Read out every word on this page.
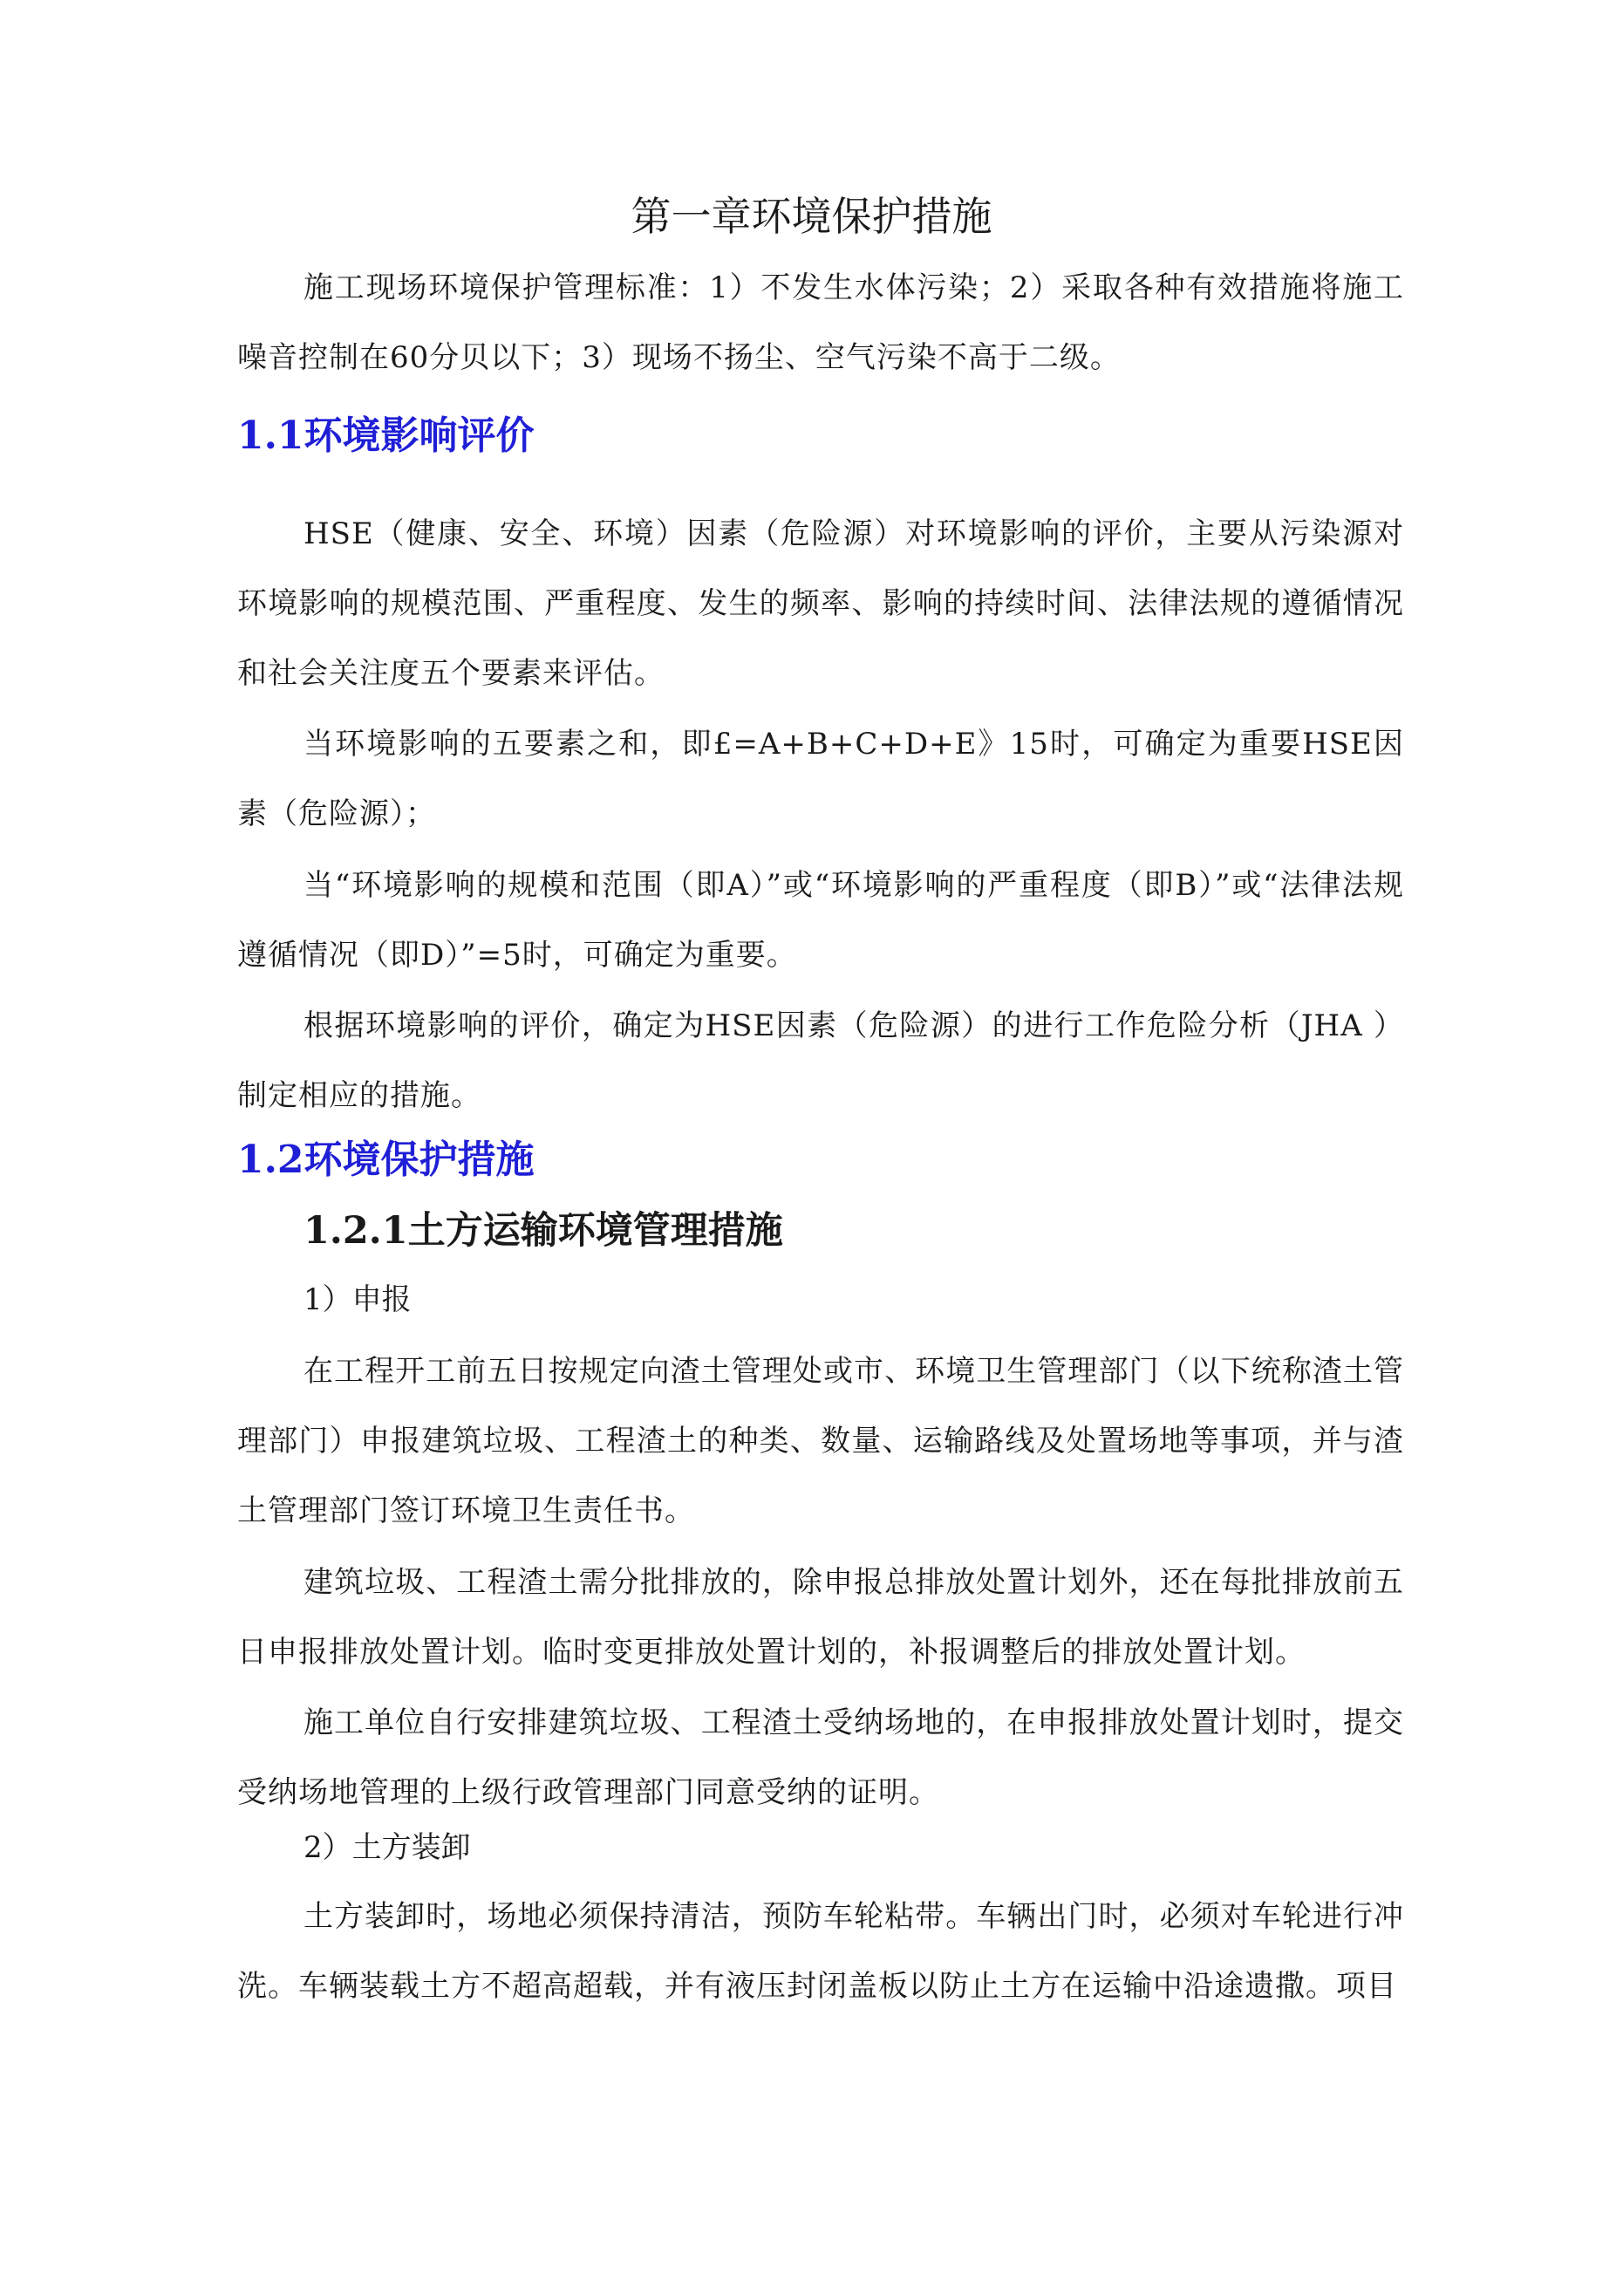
第一章环境保护措施

施工现场环境保护管理标准：1）不发生水体污染；2）采取各种有效措施将施工噪音控制在60分贝以下；3）现场不扬尘、空气污染不高于二级。

1.1环境影响评价

HSE（健康、安全、环境）因素（危险源）对环境影响的评价，主要从污染源对环境影响的规模范围、严重程度、发生的频率、影响的持续时间、法律法规的遵循情况和社会关注度五个要素来评估。

当环境影响的五要素之和，即£=A+B+C+D+E》15时，可确定为重要HSE因素（危险源）；

当“环境影响的规模和范围（即A）”或“环境影响的严重程度（即B）”或“法律法规遵循情况（即D）”=5时，可确定为重要。

根据环境影响的评价，确定为HSE因素（危险源）的进行工作危险分析（JHA ）制定相应的措施。

1.2环境保护措施
1.2.1土方运输环境管理措施

1）申报

在工程开工前五日按规定向渣土管理处或市、环境卫生管理部门（以下统称渣土管理部门）申报建筑垃圾、工程渣土的种类、数量、运输路线及处置场地等事项，并与渣土管理部门签订环境卫生责任书。

建筑垃圾、工程渣土需分批排放的，除申报总排放处置计划外，还在每批排放前五日申报排放处置计划。临时变更排放处置计划的，补报调整后的排放处置计划。

施工单位自行安排建筑垃圾、工程渣土受纳场地的，在申报排放处置计划时，提交受纳场地管理的上级行政管理部门同意受纳的证明。

2）土方装卸

土方装卸时，场地必须保持清洁，预防车轮粘带。车辆出门时，必须对车轮进行冲洗。车辆装载土方不超高超载，并有液压封闭盖板以防止土方在运输中沿途遗撒。项目
